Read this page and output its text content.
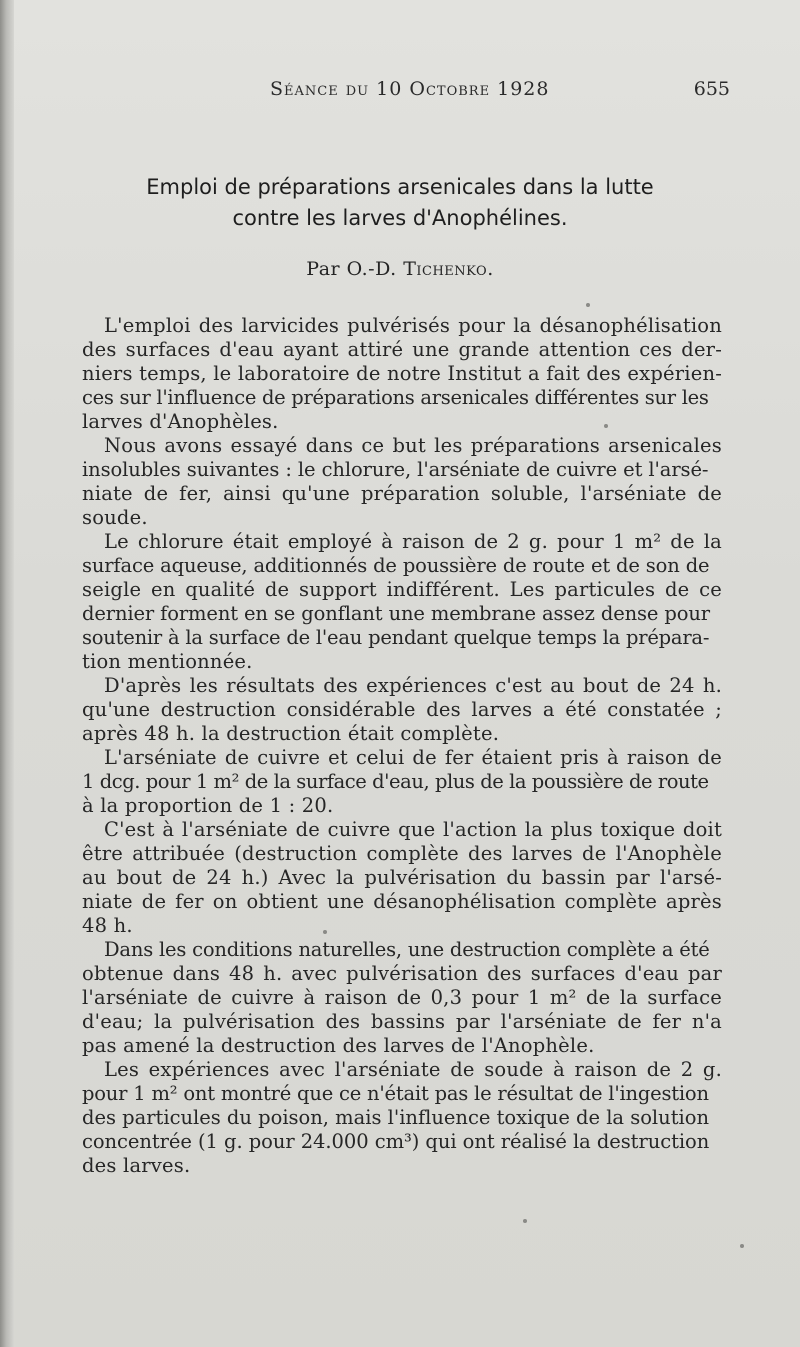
Séance du 10 Octobre 1928	655
Emploi de préparations arsenicales dans la lutte
contre les larves d'Anophélines.
Par O.-D. Tichenko.
L'emploi des larvicides pulvérisés pour la désanophélisation
des surfaces d'eau ayant attiré une grande attention ces der-
niers temps, le laboratoire de notre Institut a fait des expérien-
ces sur l'influence de préparations arsenicales différentes sur les
larves d'Anophèles.
Nous avons essayé dans ce but les préparations arsenicales
insolubles suivantes : le chlorure, l'arséniate de cuivre et l'arsé-
niate de fer, ainsi qu'une préparation soluble, l'arséniate de
soude.
Le chlorure était employé à raison de 2 g. pour 1 m² de la
surface aqueuse, additionnés de poussière de route et de son de
seigle en qualité de support indifférent. Les particules de ce
dernier forment en se gonflant une membrane assez dense pour
soutenir à la surface de l'eau pendant quelque temps la prépara-
tion mentionnée.
D'après les résultats des expériences c'est au bout de 24 h.
qu'une destruction considérable des larves a été constatée ;
après 48 h. la destruction était complète.
L'arséniate de cuivre et celui de fer étaient pris à raison de
1 dcg. pour 1 m² de la surface d'eau, plus de la poussière de route
à la proportion de 1 : 20.
C'est à l'arséniate de cuivre que l'action la plus toxique doit
être attribuée (destruction complète des larves de l'Anophèle
au bout de 24 h.) Avec la pulvérisation du bassin par l'arsé-
niate de fer on obtient une désanophélisation complète après
48 h.
Dans les conditions naturelles, une destruction complète a été
obtenue dans 48 h. avec pulvérisation des surfaces d'eau par
l'arséniate de cuivre à raison de 0,3 pour 1 m² de la surface
d'eau; la pulvérisation des bassins par l'arséniate de fer n'a
pas amené la destruction des larves de l'Anophèle.
Les expériences avec l'arséniate de soude à raison de 2 g.
pour 1 m² ont montré que ce n'était pas le résultat de l'ingestion
des particules du poison, mais l'influence toxique de la solution
concentrée (1 g. pour 24.000 cm³) qui ont réalisé la destruction
des larves.
